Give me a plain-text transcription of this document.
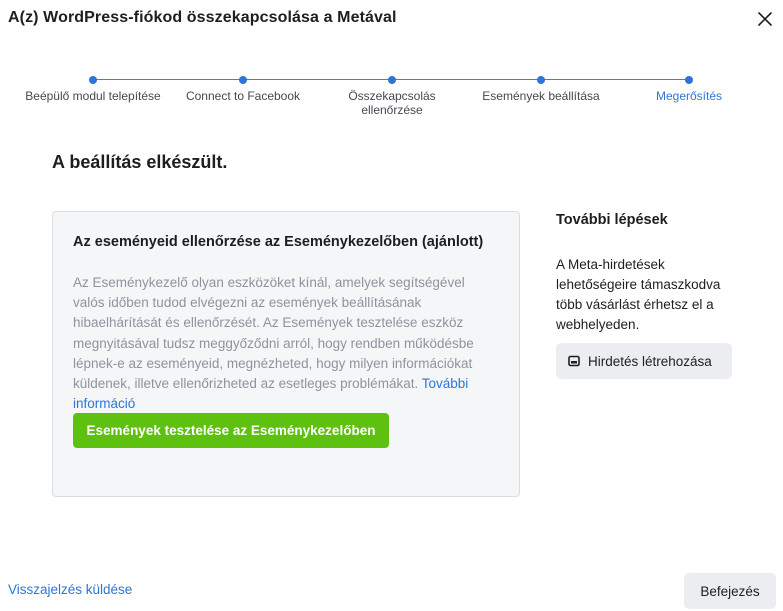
A(z) WordPress-fiókod összekapcsolása a Metával
Beépülő modul telepítése	Connect to Facebook	Összekapcsolás ellenőrzése
Események beállítása	Megerősítés
A beállítás elkészült.
Az eseményeid ellenőrzése az Eseménykezelőben (ajánlott)
Az Eseménykezelő olyan eszközöket kínál, amelyek segítségével valós időben tudod elvégezni az események beállításának hibaelhárítását és ellenőrzését. Az Események tesztelése eszköz megnyitásával tudsz meggyőződni arról, hogy rendben működésbe lépnek-e az eseményeid, megnézheted, hogy milyen információkat küldenek, illetve ellenőrizheted az esetleges problémákat. További információ
Események tesztelése az Eseménykezelőben
További lépések
A Meta-hirdetések lehetőségeire támaszkodva több vásárlást érhetsz el a webhelyeden.
Hirdetés létrehozása
Visszajelzés küldése	Befejezés
